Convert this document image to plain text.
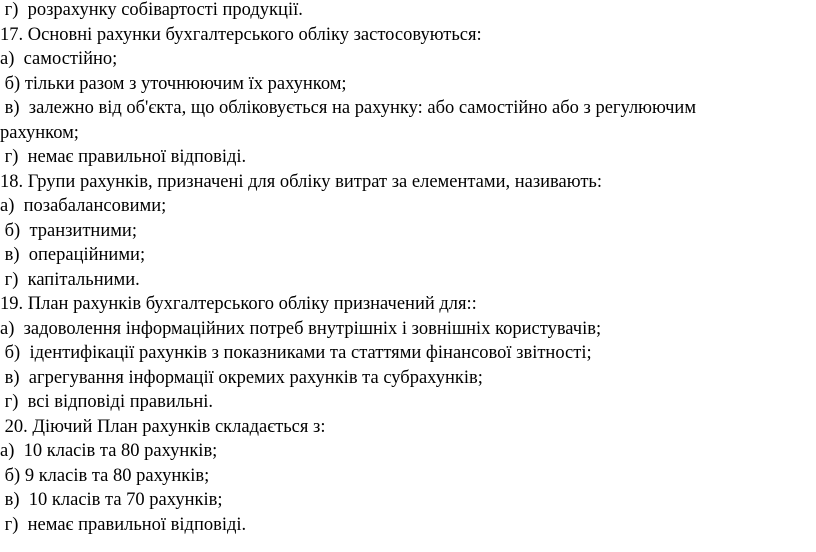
г)  розрахунку собівартості продукції.
17. Основні рахунки бухгалтерського обліку застосовуються:
а)  самостійно;
б) тільки разом з уточнюючим їх рахунком;
в)  залежно від об'єкта, що обліковується на рахунку: або самостійно або з регулюючим
рахунком;
г)  немає правильної відповіді.
18. Групи рахунків, призначені для обліку витрат за елементами, називають:
а)  позабалансовими;
б)  транзитними;
в)  операційними;
г)  капітальними.
19. План рахунків бухгалтерського обліку призначений для::
а)  задоволення інформаційних потреб внутрішніх і зовнішніх користувачів;
б)  ідентифікації рахунків з показниками та статтями фінансової звітності;
в)  агрегування інформації окремих рахунків та субрахунків;
г)  всі відповіді правильні.
20. Діючий План рахунків складається з:
а)  10 класів та 80 рахунків;
б) 9 класів та 80 рахунків;
в)  10 класів та 70 рахунків;
г)  немає правильної відповіді.
